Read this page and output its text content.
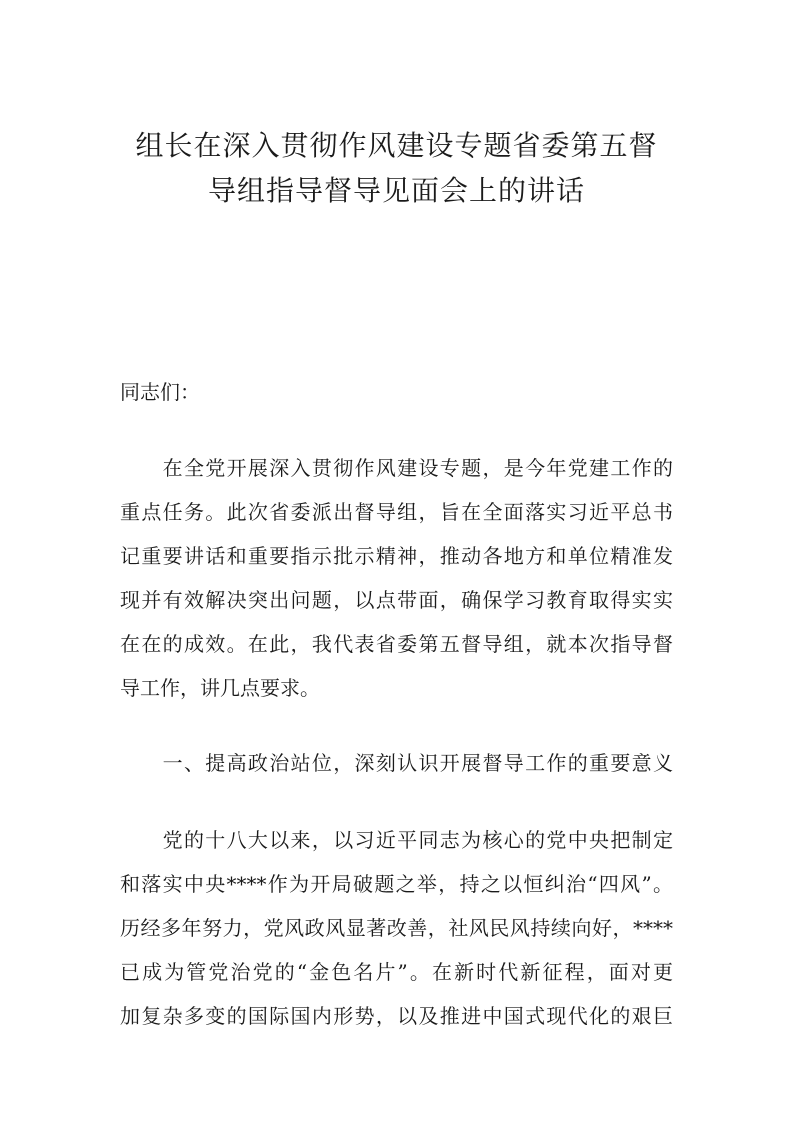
组长在深入贯彻作风建设专题省委第五督
导组指导督导见面会上的讲话

同志们：

　　在全党开展深入贯彻作风建设专题，是今年党建工作的

重点任务。此次省委派出督导组，旨在全面落实习近平总书

记重要讲话和重要指示批示精神，推动各地方和单位精准发

现并有效解决突出问题，以点带面，确保学习教育取得实实

在在的成效。在此，我代表省委第五督导组，就本次指导督

导工作，讲几点要求。

　　一、提高政治站位，深刻认识开展督导工作的重要意义

　　党的十八大以来，以习近平同志为核心的党中央把制定

和落实中央****作为开局破题之举，持之以恒纠治“四风”。

历经多年努力，党风政风显著改善，社风民风持续向好，****

已成为管党治党的“金色名片”。在新时代新征程，面对更

加复杂多变的国际国内形势，以及推进中国式现代化的艰巨
